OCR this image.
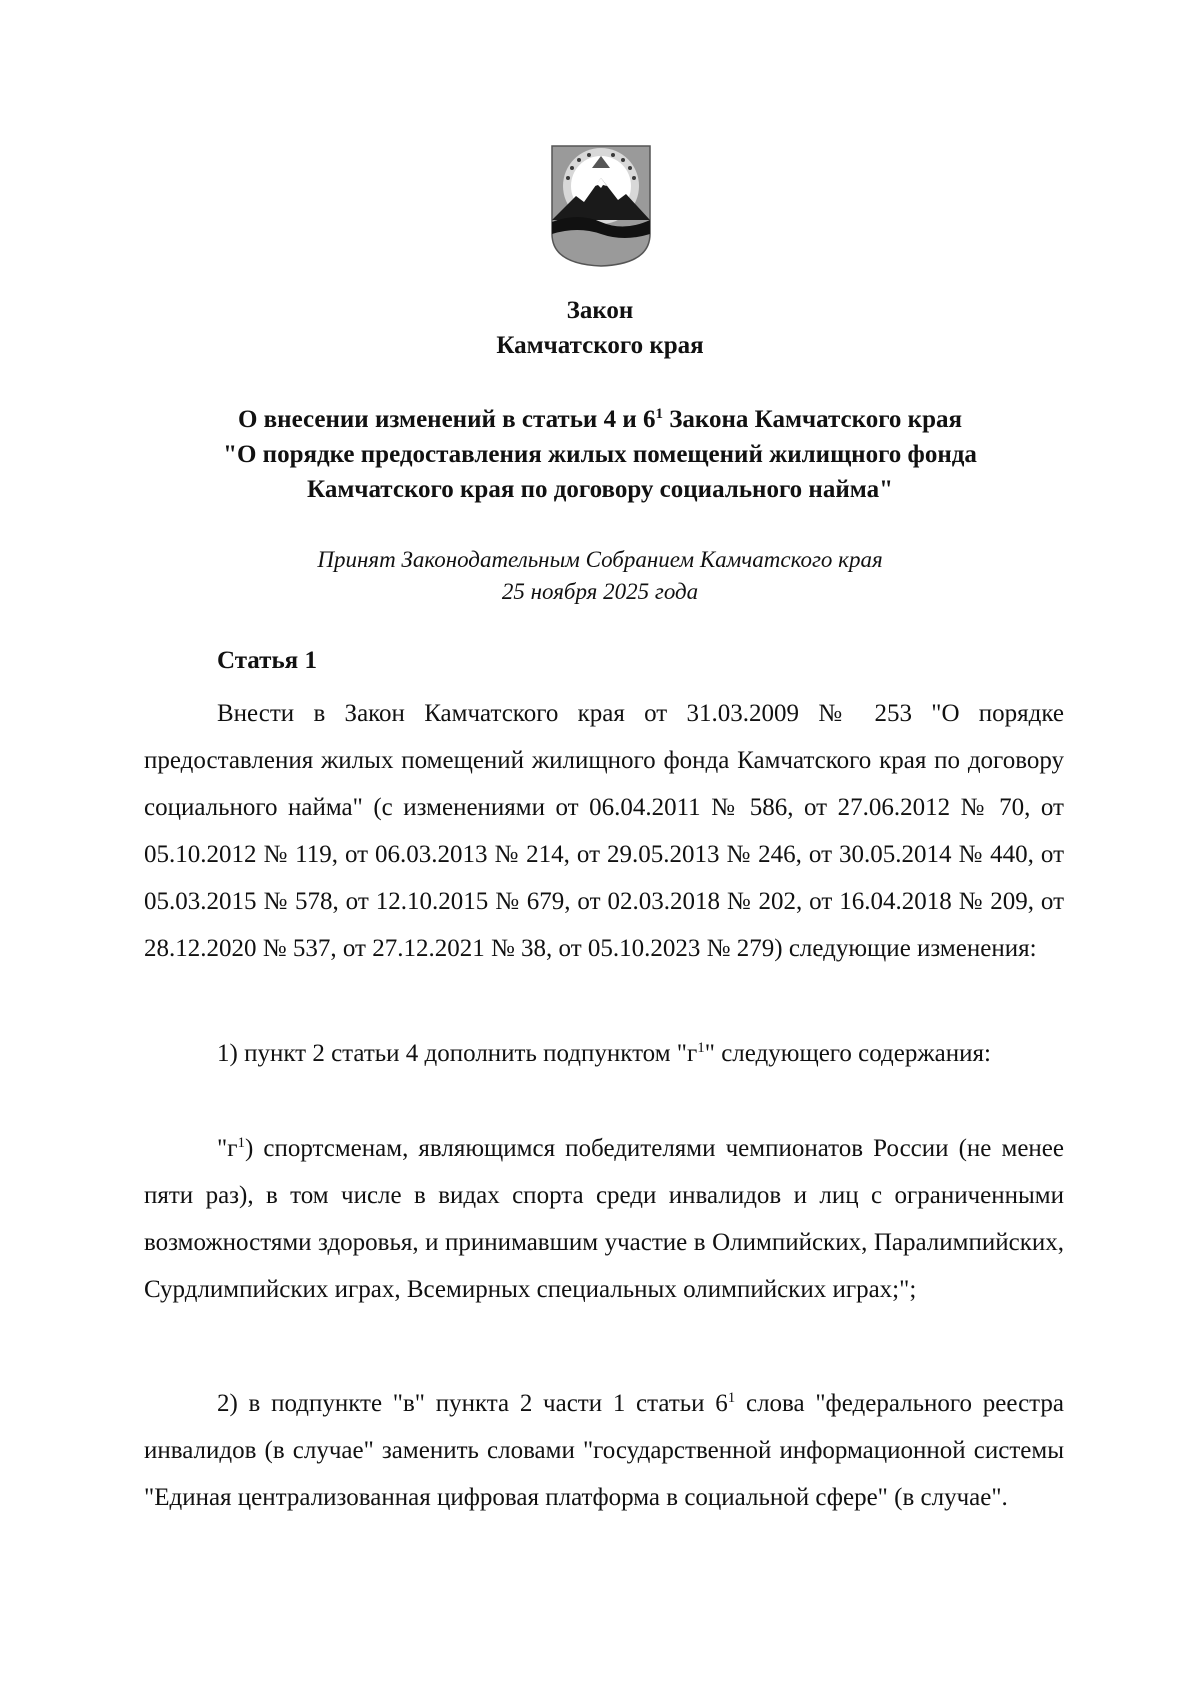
Закон
Камчатского края
О внесении изменений в статьи 4 и $6^1$ Закона Камчатского края
"О порядке предоставления жилых помещений жилищного фонда
Камчатского края по договору социального найма"
Принят Законодательным Собранием Камчатского края
25 ноября 2025 года
Статья 1

Внести в Закон Камчатского края от 31.03.2009 № 253 "О порядке предоставления жилых помещений жилищного фонда Камчатского края по договору социального найма" (с изменениями от 06.04.2011 № 586, от 27.06.2012 № 70, от 05.10.2012 № 119, от 06.03.2013 № 214, от 29.05.2013 № 246, от 30.05.2014 № 440, от 05.03.2015 № 578, от 12.10.2015 № 679, от 02.03.2018 № 202, от 16.04.2018 № 209, от 28.12.2020 № 537, от 27.12.2021 № 38, от 05.10.2023 № 279) следующие изменения:

1) пункт 2 статьи 4 дополнить подпунктом "$г^1$" следующего содержания:

"$г^1$) спортсменам, являющимся победителями чемпионатов России (не менее пяти раз), в том числе в видах спорта среди инвалидов и лиц с ограниченными возможностями здоровья, и принимавшим участие в Олимпийских, Паралимпийских, Сурдлимпийских играх, Всемирных специальных олимпийских играх;";

2) в подпункте "в" пункта 2 части 1 статьи $6^1$ слова "федерального реестра инвалидов (в случае" заменить словами "государственной информационной системы "Единая централизованная цифровая платформа в социальной сфере" (в случае".
